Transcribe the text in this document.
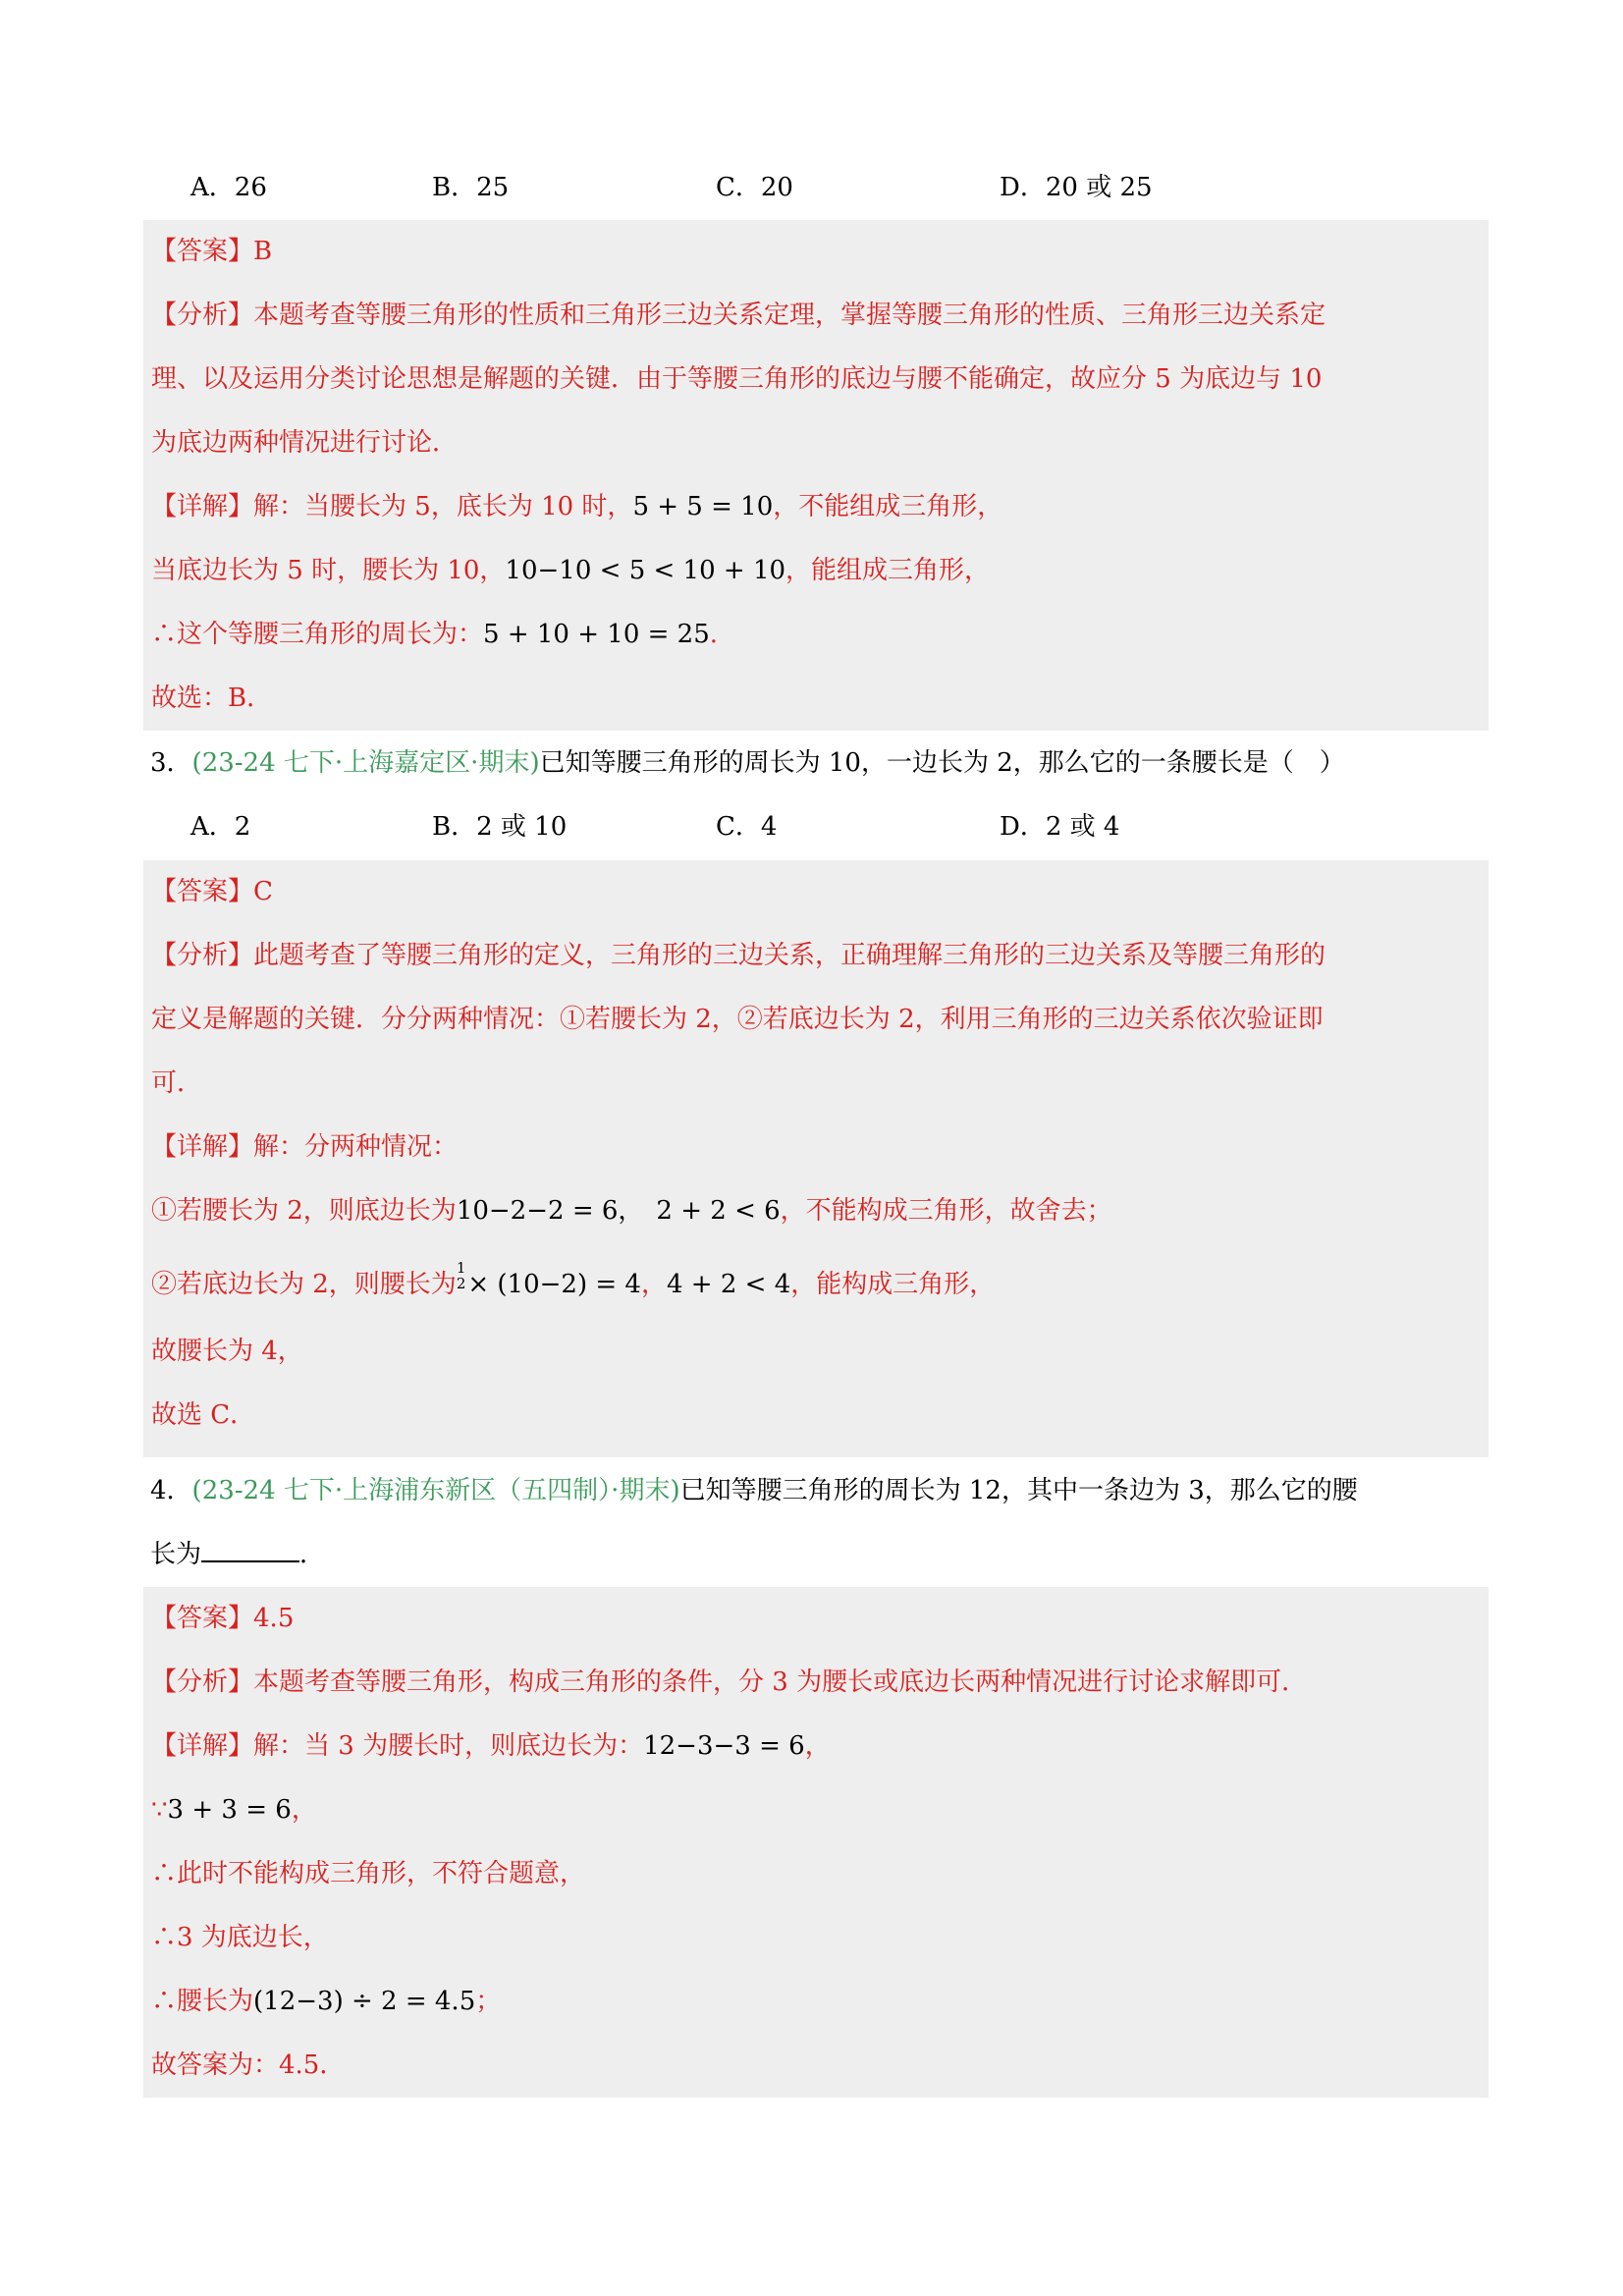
A．26	B．25	C．20	D．20 或 25
【答案】B
【分析】本题考查等腰三角形的性质和三角形三边关系定理，掌握等腰三角形的性质、三角形三边关系定
理、以及运用分类讨论思想是解题的关键．由于等腰三角形的底边与腰不能确定，故应分 5 为底边与 10
为底边两种情况进行讨论．
【详解】解：当腰长为 5，底长为 10 时，5 + 5 = 10，不能组成三角形，
当底边长为 5 时，腰长为 10，10−10 < 5 < 10 + 10，能组成三角形，
∴这个等腰三角形的周长为：5 + 10 + 10 = 25.
故选：B．
3．(23-24 七下·上海嘉定区·期末)已知等腰三角形的周长为 10，一边长为 2，那么它的一条腰长是（　）
A．2	B．2 或 10	C．4	D．2 或 4
【答案】C
【分析】此题考查了等腰三角形的定义，三角形的三边关系，正确理解三角形的三边关系及等腰三角形的
定义是解题的关键．分分两种情况：①若腰长为 2，②若底边长为 2，利用三角形的三边关系依次验证即
可．
【详解】解：分两种情况：
①若腰长为 2，则底边长为10−2−2 = 6，　2 + 2 < 6，不能构成三角形，故舍去；
②若底边长为 2，则腰长为
1
2 × (10−2) = 4，4 + 2 < 4，能构成三角形，
故腰长为 4，
故选 C．
4．(23-24 七下·上海浦东新区（五四制）·期末)已知等腰三角形的周长为 12，其中一条边为 3，那么它的腰
长为	．
【答案】4.5
【分析】本题考查等腰三角形，构成三角形的条件，分 3 为腰长或底边长两种情况进行讨论求解即可．
【详解】解：当 3 为腰长时，则底边长为：12−3−3 = 6，
∵3 + 3 = 6，
∴此时不能构成三角形，不符合题意，
∴3 为底边长，
∴腰长为(12−3) ÷ 2 = 4.5；
故答案为：4.5．
